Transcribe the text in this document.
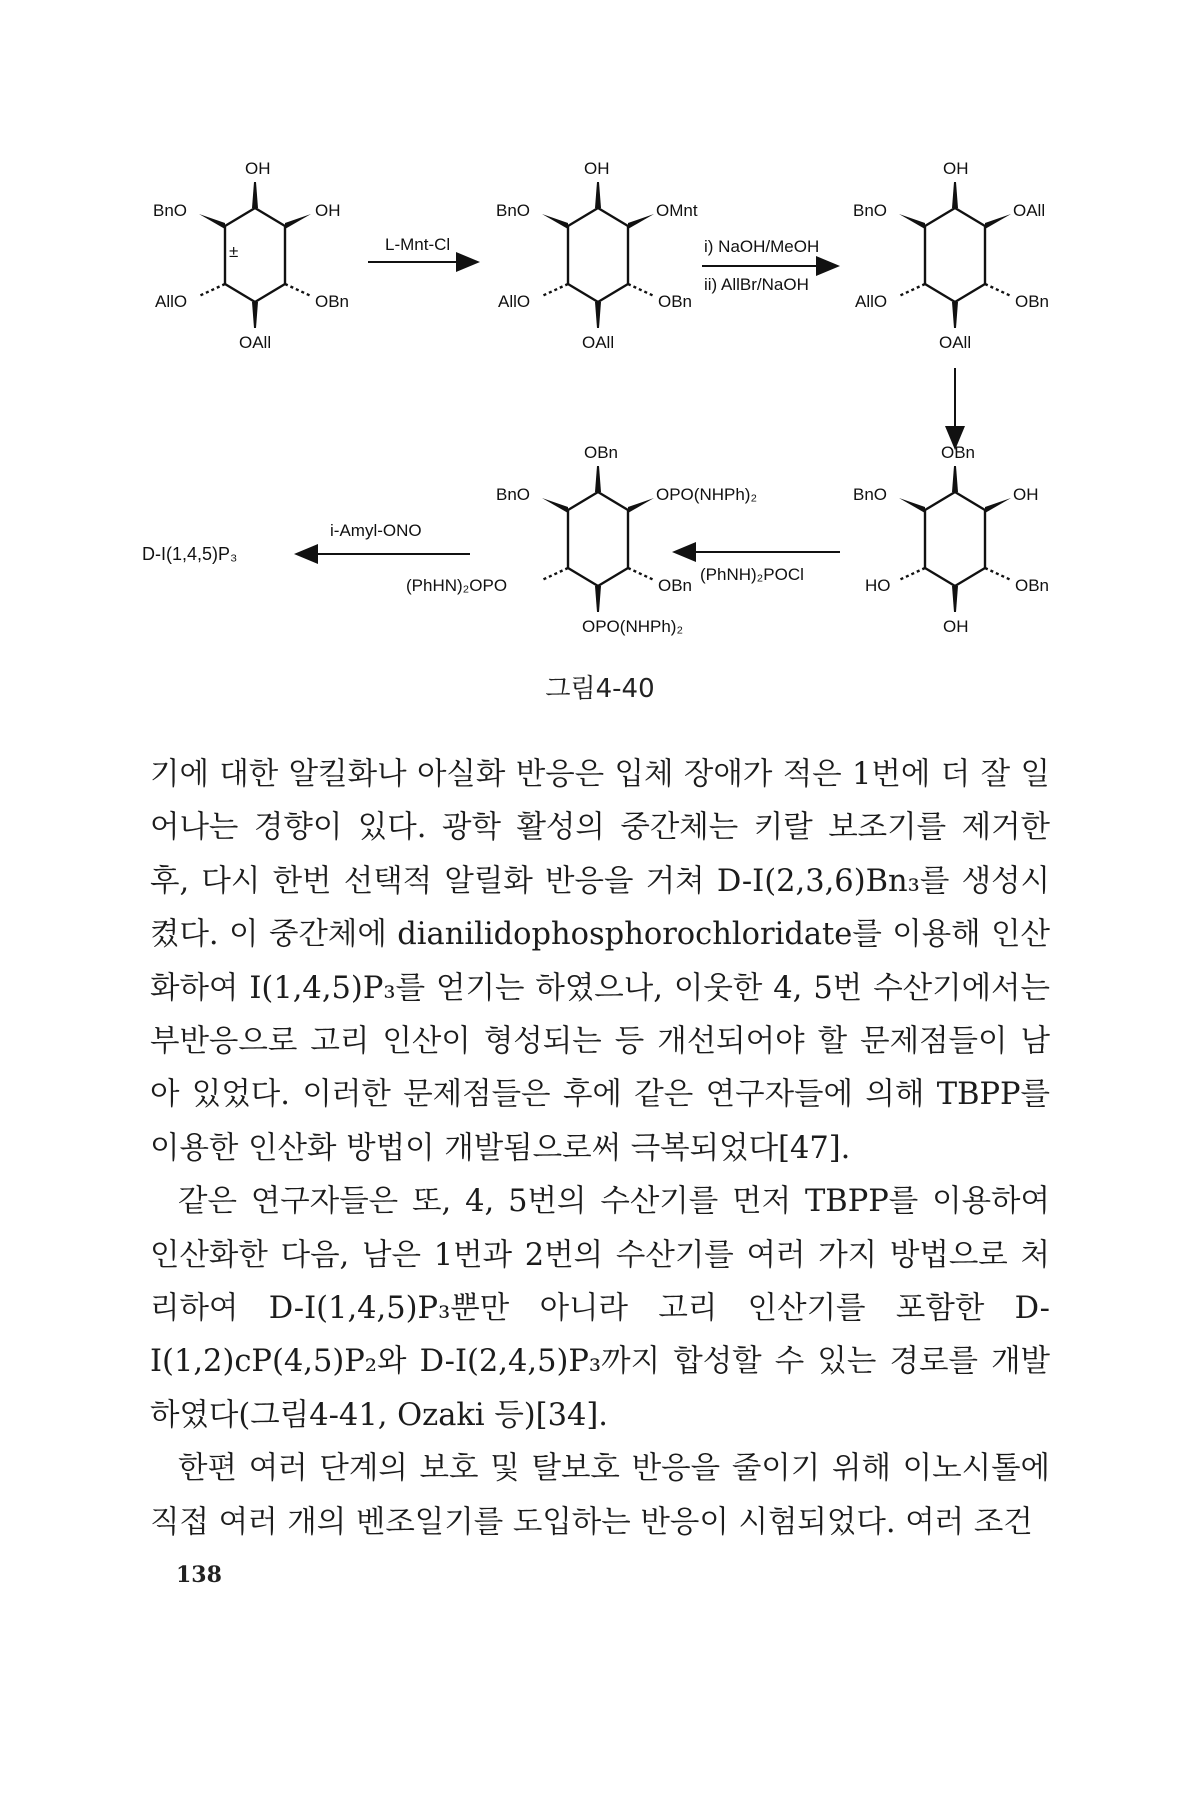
OH
BnO	OH
AllO	OBn
OAll
±	L-Mnt-Cl
OH
BnO	OMnt
AllO	OBn
OAll
i) NaOH/MeOH
ii) AllBr/NaOH
OH
BnO	OAll
AllO	OBn
OAll
OBn
BnO	OH
HO	OBn
OH
(PhNH)₂POCl
OBn
BnO	OPO(NHPh)₂
(PhHN)₂OPO	OBn
OPO(NHPh)₂
i-Amyl-ONO
D-I(1,4,5)P₃
그림4-40

기에 대한 알킬화나 아실화 반응은 입체 장애가 적은 1번에 더 잘 일어나는 경향이 있다. 광학 활성의 중간체는 키랄 보조기를 제거한 후, 다시 한번 선택적 알릴화 반응을 거쳐 D-I(2,3,6)Bn₃를 생성시켰다. 이 중간체에 dianilidophosphorochloridate를 이용해 인산화하여 I(1,4,5)P₃를 얻기는 하였으나, 이웃한 4, 5번 수산기에서는 부반응으로 고리 인산이 형성되는 등 개선되어야 할 문제점들이 남아 있었다. 이러한 문제점들은 후에 같은 연구자들에 의해 TBPP를 이용한 인산화 방법이 개발됨으로써 극복되었다[47].

같은 연구자들은 또, 4, 5번의 수산기를 먼저 TBPP를 이용하여 인산화한 다음, 남은 1번과 2번의 수산기를 여러 가지 방법으로 처리하여 D-I(1,4,5)P₃뿐만 아니라 고리 인산기를 포함한 D-I(1,2)cP(4,5)P₂와 D-I(2,4,5)P₃까지 합성할 수 있는 경로를 개발하였다(그림4-41, Ozaki 등)[34].

한편 여러 단계의 보호 및 탈보호 반응을 줄이기 위해 이노시톨에 직접 여러 개의 벤조일기를 도입하는 반응이 시험되었다. 여러 조건

138
